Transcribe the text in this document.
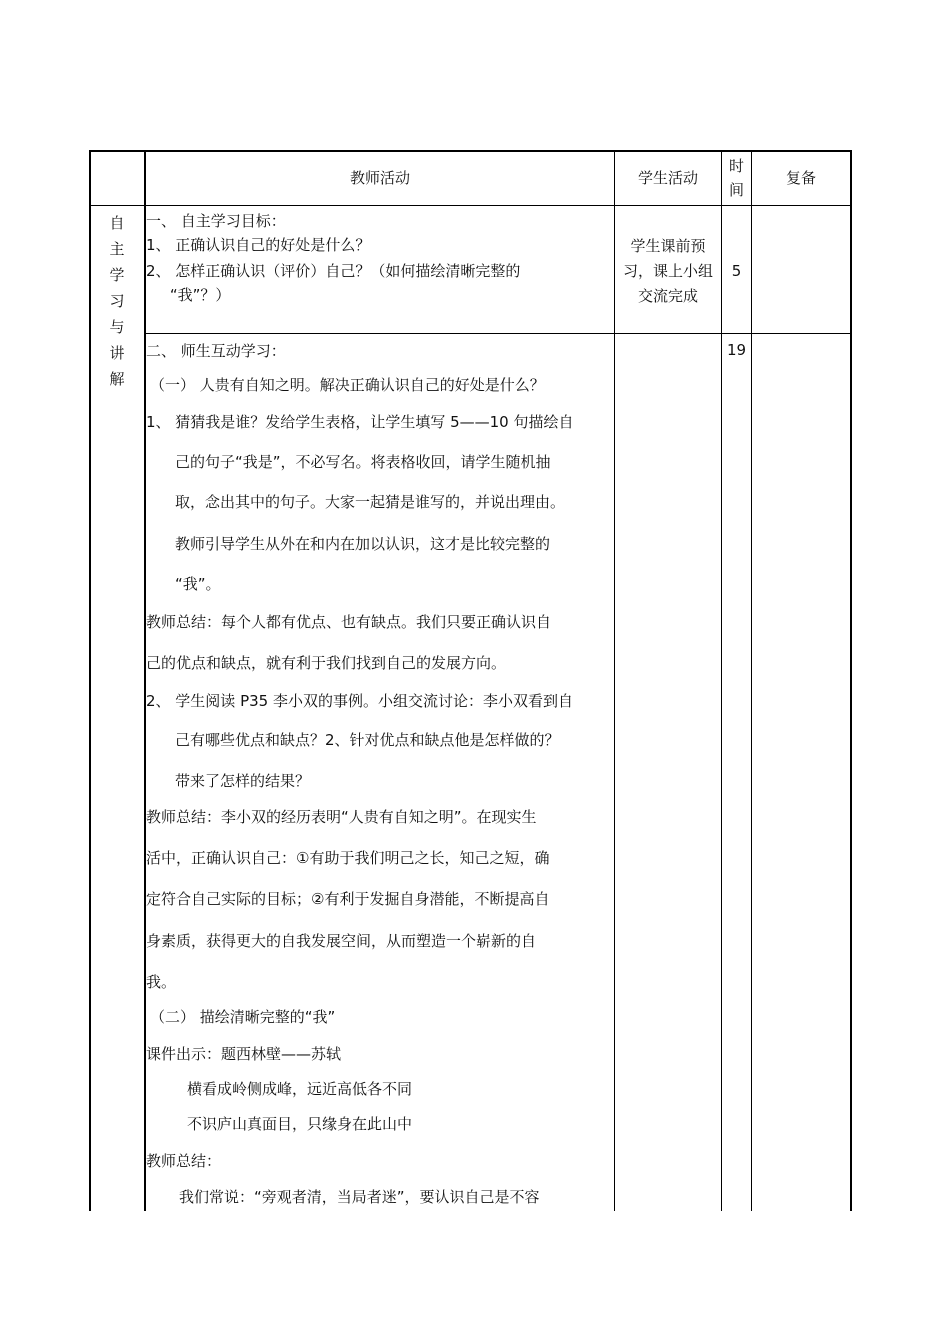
教师活动	学生活动
时
间
复备
自
主
学
习
与
讲
解
一、 自主学习目标：
1、 正确认识自己的好处是什么？
2、 怎样正确认识（评价）自己？（如何描绘清晰完整的
“我”？）
学生课前预
习，课上小组
交流完成
5
19
二、 师生互动学习：
（一） 人贵有自知之明。解决正确认识自己的好处是什么？
1、 猜猜我是谁？发给学生表格，让学生填写 5——10 句描绘自
己的句子“我是”，不必写名。将表格收回，请学生随机抽
取，念出其中的句子。大家一起猜是谁写的，并说出理由。
教师引导学生从外在和内在加以认识，这才是比较完整的
“我”。
教师总结：每个人都有优点、也有缺点。我们只要正确认识自
己的优点和缺点，就有利于我们找到自己的发展方向。
2、 学生阅读 P35 李小双的事例。小组交流讨论：李小双看到自
己有哪些优点和缺点？2、针对优点和缺点他是怎样做的？
带来了怎样的结果？
教师总结：李小双的经历表明“人贵有自知之明”。在现实生
活中，正确认识自己：①有助于我们明己之长，知己之短，确
定符合自己实际的目标；②有利于发掘自身潜能，不断提高自
身素质，获得更大的自我发展空间，从而塑造一个崭新的自
我。
（二） 描绘清晰完整的“我”
课件出示：题西林壁——苏轼
横看成岭侧成峰，远近高低各不同
不识庐山真面目，只缘身在此山中
教师总结：
我们常说：“旁观者清，当局者迷”，要认识自己是不容
